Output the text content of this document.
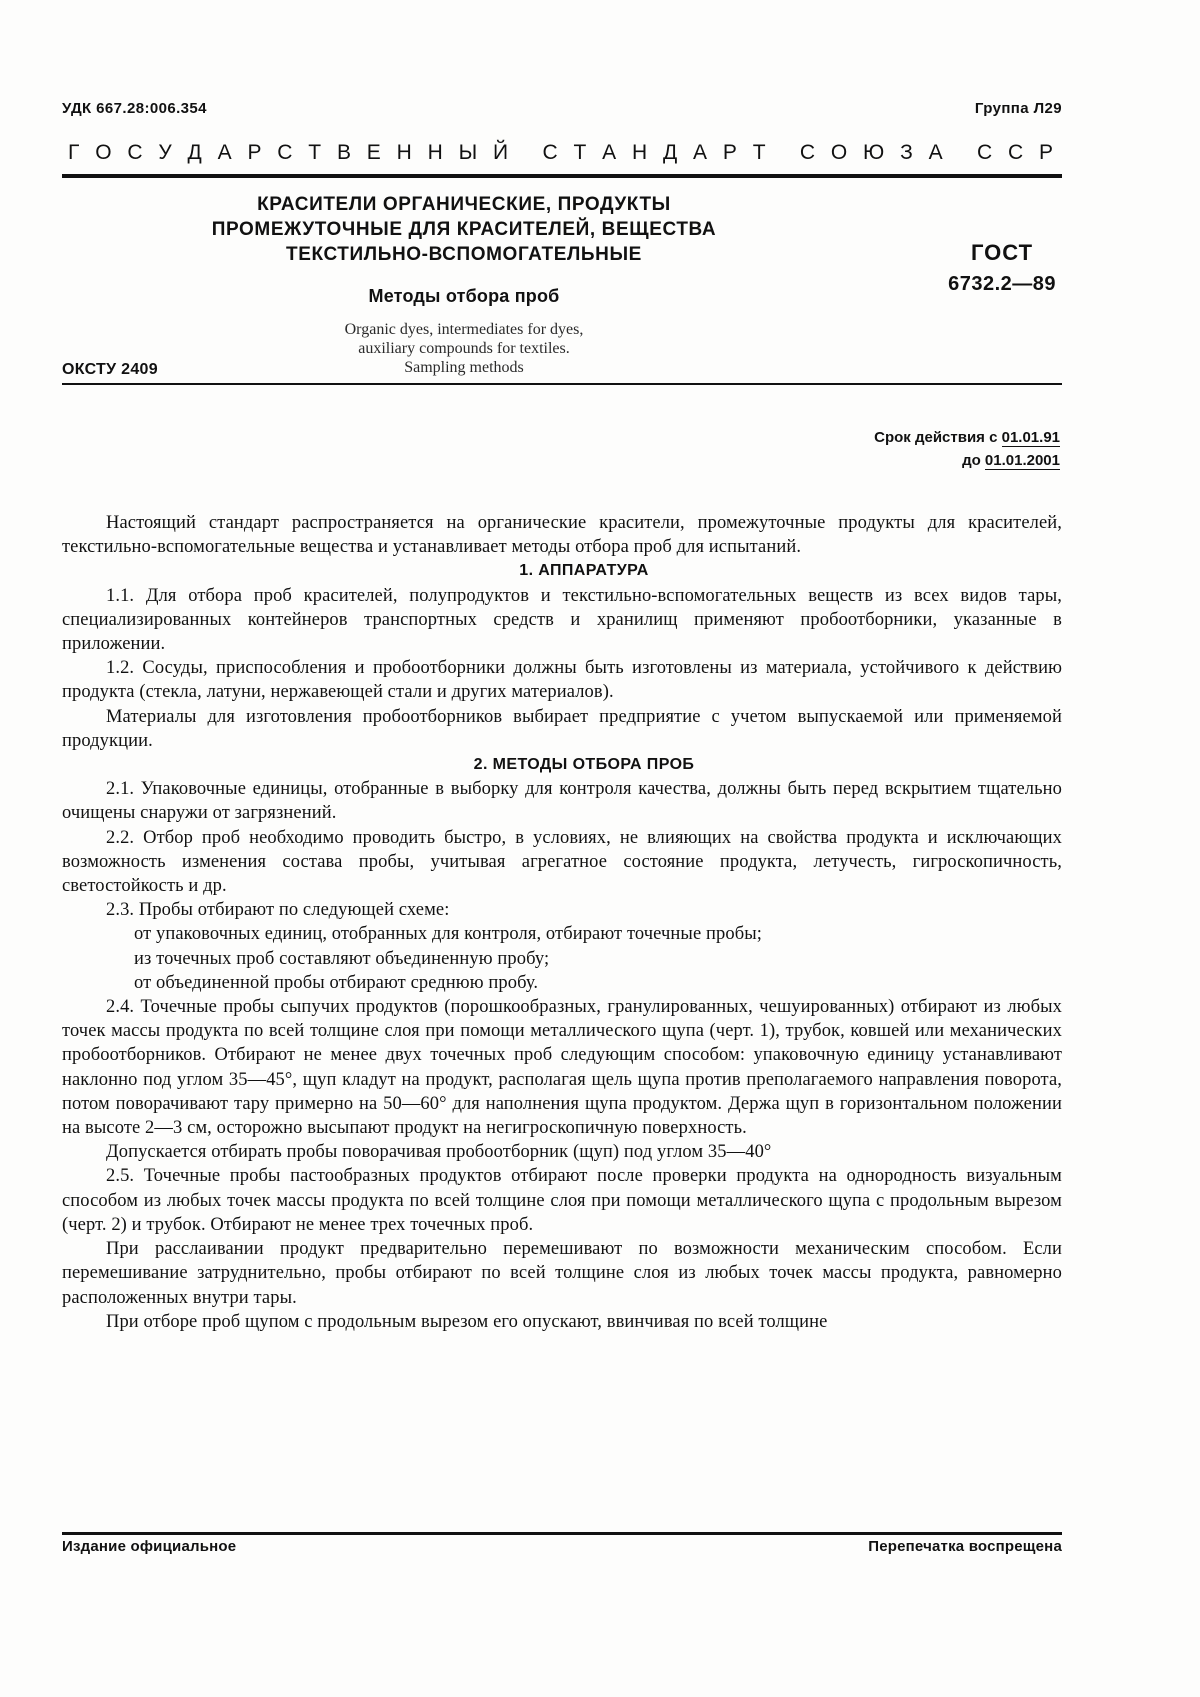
УДК 667.28:006.354	Группа Л29
Г О С У Д А Р С Т В Е Н Н Ы Й С Т А Н Д А Р Т С О Ю З А С С Р
КРАСИТЕЛИ ОРГАНИЧЕСКИЕ, ПРОДУКТЫ
ПРОМЕЖУТОЧНЫЕ ДЛЯ КРАСИТЕЛЕЙ, ВЕЩЕСТВА
ТЕКСТИЛЬНО-ВСПОМОГАТЕЛЬНЫЕ
Методы отбора проб
Organic dyes, intermediates for dyes,
auxiliary compounds for textiles.
Sampling methods
ГОСТ
6732.2—89
ОКСТУ 2409
Срок действия с 01.01.91
до 01.01.2001

Настоящий стандарт распространяется на органические красители, промежуточные продукты для красителей, текстильно-вспомогательные вещества и устанавливает методы отбора проб для испытаний.

1. АППАРАТУРА

1.1. Для отбора проб красителей, полупродуктов и текстильно-вспомогательных вещеcтв из всех видов тары, специализированных контейнеров транспортных средств и хранилищ применяют пробоотборники, указанные в приложении.

1.2. Сосуды, приспособления и пробоотборники должны быть изготовлены из материала, устойчивого к действию продукта (стекла, латуни, нержавеющей стали и других материалов).

Материалы для изготовления пробоотборников выбирает предприятие с учетом выпускаемой или применяемой продукции.

2. МЕТОДЫ ОТБОРА ПРОБ

2.1. Упаковочные единицы, отобранные в выборку для контроля качества, должны быть перед вскрытием тщательно очищены снаружи от загрязнений.

2.2. Отбор проб необходимо проводить быстро, в условиях, не влияющих на свойства продукта и исключающих возможность изменения состава пробы, учитывая агрегатное состояние продукта, летучесть, гигроскопичность, светостойкость и др.

2.3. Пробы отбирают по следующей схеме:

от упаковочных единиц, отобранных для контроля, отбирают точечные пробы;

из точечных проб составляют объединенную пробу;

от объединенной пробы отбирают среднюю пробу.

2.4. Точечные пробы сыпучих продуктов (порошкообразных, гранулированных, чешуированных) отбирают из любых точек массы продукта по всей толщине слоя при помощи металлического щупа (черт. 1), трубок, ковшей или механических пробоотборников. Отбирают не менее двух точечных проб следующим способом: упаковочную единицу устанавливают наклонно под углом 35—45°, щуп кладут на продукт, располагая щель щупа против преполагаемого направления поворота, потом поворачивают тару примерно на 50—60° для наполнения щупа продуктом. Держа щуп в горизонтальном положении на высоте 2—3 см, осторожно высыпают продукт на негигроскопичную поверхность.

Допускается отбирать пробы поворачивая пробоотборник (щуп) под углом 35—40°

2.5. Точечные пробы пастообразных продуктов отбирают после проверки продукта на однородность визуальным способом из любых точек массы продукта по всей толщине слоя при помощи металлического щупа с продольным вырезом (черт. 2) и трубок. Отбирают не менее трех точечных проб.

При расслаивании продукт предварительно перемешивают по возможности механическим способом. Если перемешивание затруднительно, пробы отбирают по всей толщине слоя из любых точек массы продукта, равномерно расположенных внутри тары.

При отборе проб щупом с продольным вырезом его опускают, ввинчивая по всей толщине

Издание официальное	Перепечатка воспрещена
